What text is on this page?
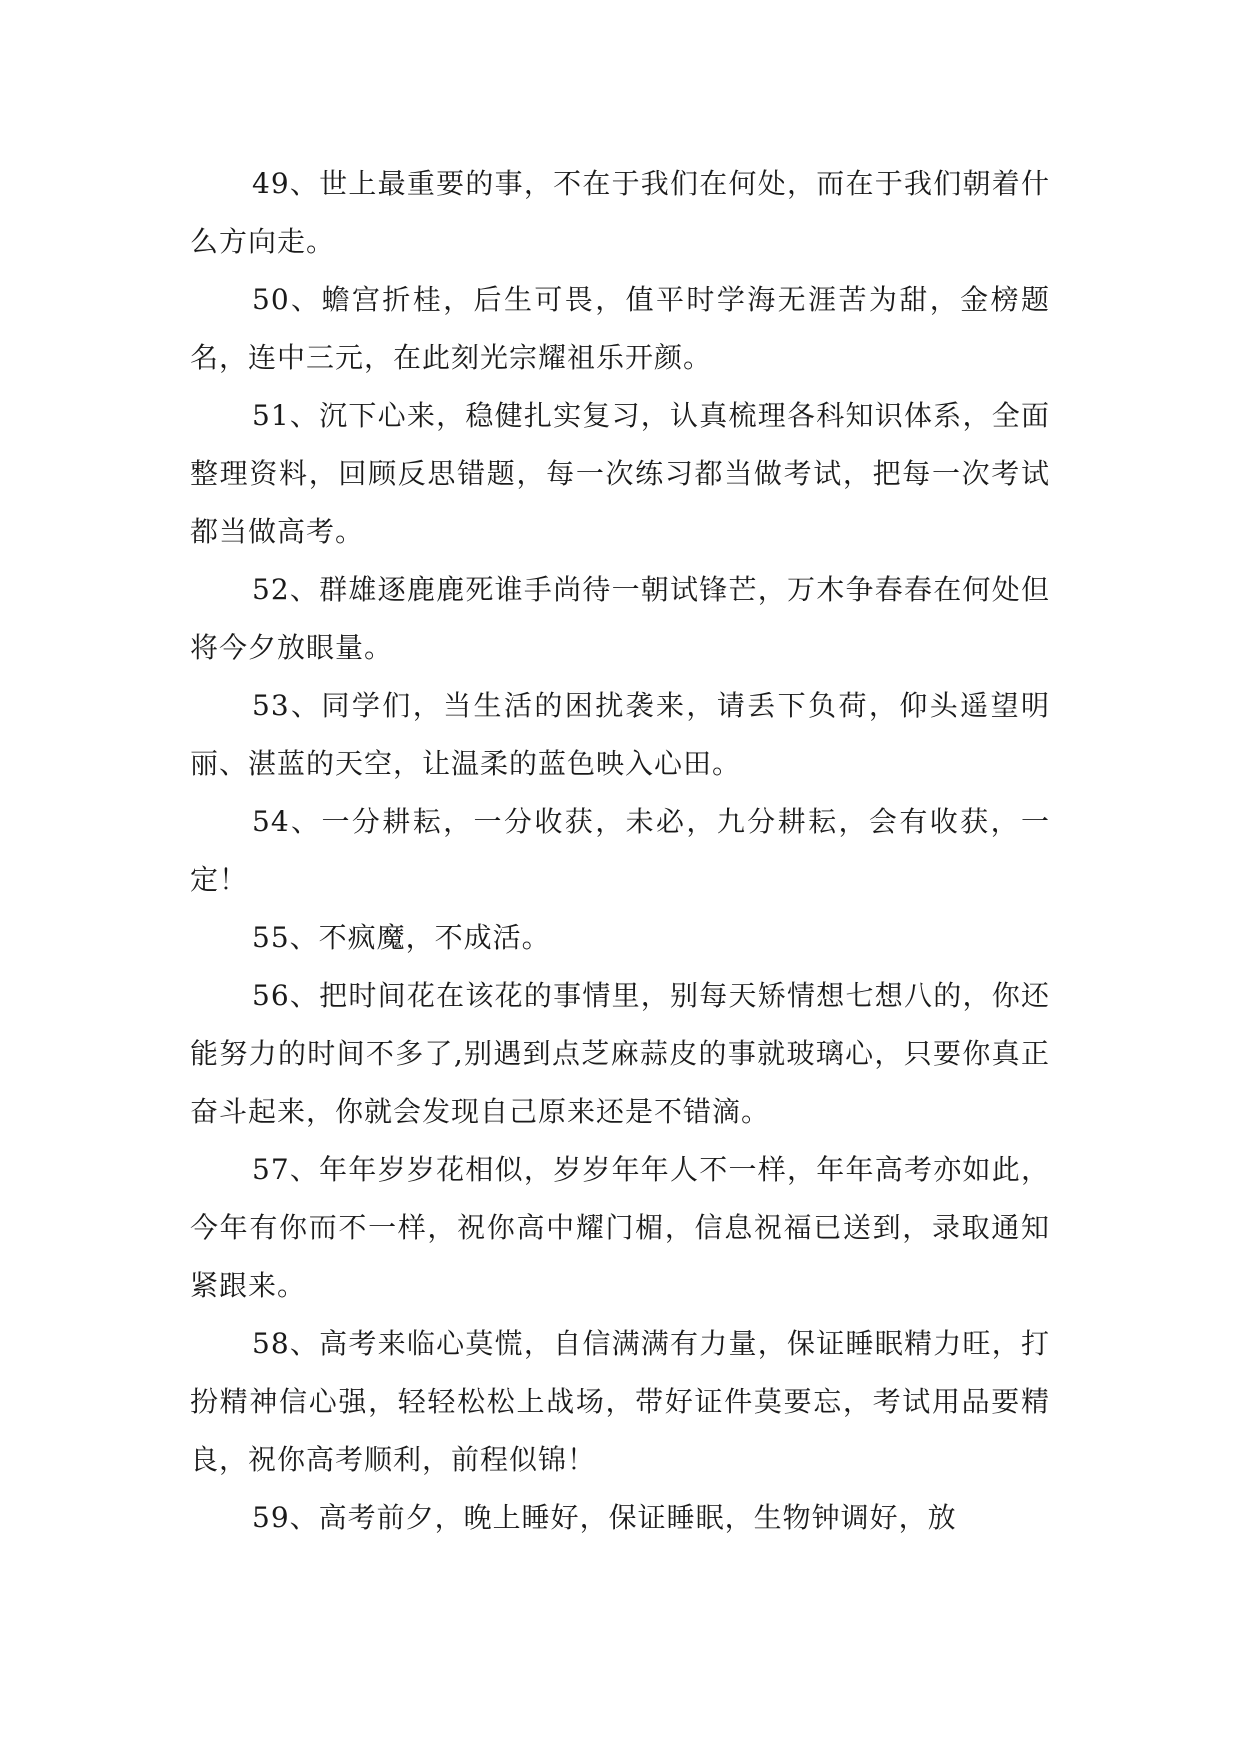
49、世上最重要的事，不在于我们在何处，而在于我们朝着什么方向走。

50、蟾宫折桂，后生可畏，值平时学海无涯苦为甜，金榜题名，连中三元，在此刻光宗耀祖乐开颜。

51、沉下心来，稳健扎实复习，认真梳理各科知识体系，全面整理资料，回顾反思错题，每一次练习都当做考试，把每一次考试都当做高考。

52、群雄逐鹿鹿死谁手尚待一朝试锋芒，万木争春春在何处但将今夕放眼量。

53、同学们，当生活的困扰袭来，请丢下负荷，仰头遥望明丽、湛蓝的天空，让温柔的蓝色映入心田。

54、一分耕耘，一分收获，未必，九分耕耘，会有收获，一定！

55、不疯魔，不成活。

56、把时间花在该花的事情里，别每天矫情想七想八的，你还能努力的时间不多了,别遇到点芝麻蒜皮的事就玻璃心，只要你真正奋斗起来，你就会发现自己原来还是不错滴。

57、年年岁岁花相似，岁岁年年人不一样，年年高考亦如此，今年有你而不一样，祝你高中耀门楣，信息祝福已送到，录取通知紧跟来。

58、高考来临心莫慌，自信满满有力量，保证睡眠精力旺，打扮精神信心强，轻轻松松上战场，带好证件莫要忘，考试用品要精良，祝你高考顺利，前程似锦！

59、高考前夕，晚上睡好，保证睡眠，生物钟调好，放
